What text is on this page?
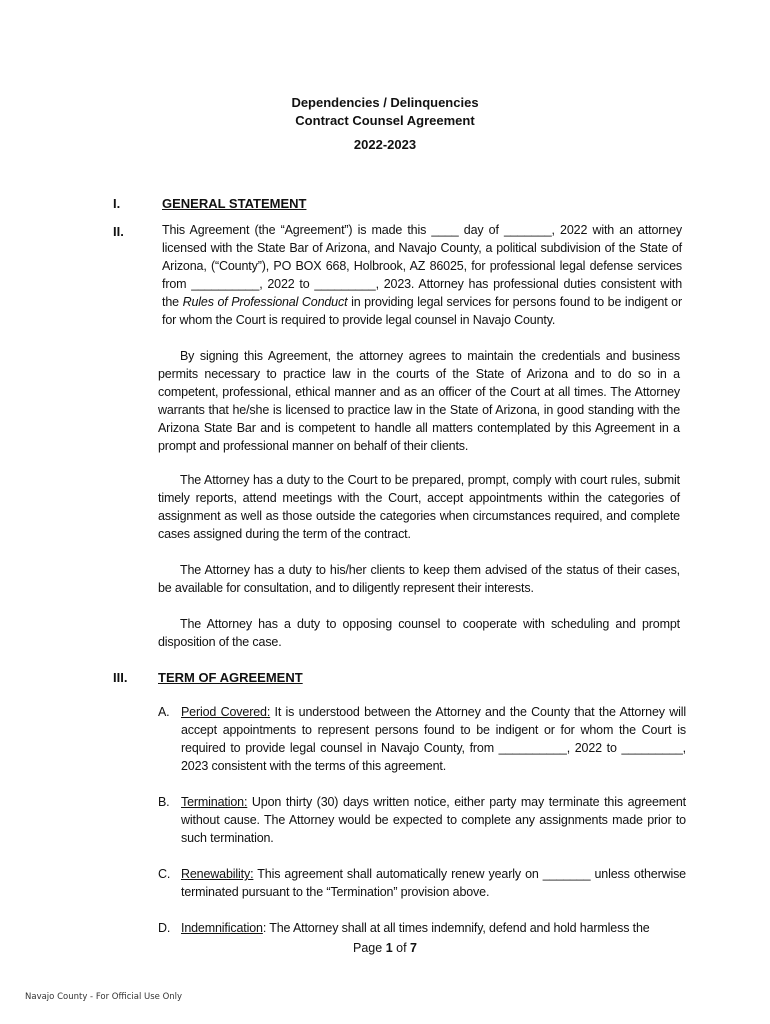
Dependencies / Delinquencies
Contract Counsel Agreement
2022-2023
I.	GENERAL STATEMENT
II.	This Agreement (the “Agreement”) is made this ____ day of _______, 2022 with an attorney licensed with the State Bar of Arizona, and Navajo County, a political subdivision of the State of Arizona, (“County”), PO BOX 668, Holbrook, AZ 86025, for professional legal defense services from __________, 2022 to _________, 2023. Attorney has professional duties consistent with the Rules of Professional Conduct in providing legal services for persons found to be indigent or for whom the Court is required to provide legal counsel in Navajo County.
By signing this Agreement, the attorney agrees to maintain the credentials and business permits necessary to practice law in the courts of the State of Arizona and to do so in a competent, professional, ethical manner and as an officer of the Court at all times. The Attorney warrants that he/she is licensed to practice law in the State of Arizona, in good standing with the Arizona State Bar and is competent to handle all matters contemplated by this Agreement in a prompt and professional manner on behalf of their clients.
The Attorney has a duty to the Court to be prepared, prompt, comply with court rules, submit timely reports, attend meetings with the Court, accept appointments within the categories of assignment as well as those outside the categories when circumstances required, and complete cases assigned during the term of the contract.
The Attorney has a duty to his/her clients to keep them advised of the status of their cases, be available for consultation, and to diligently represent their interests.
The Attorney has a duty to opposing counsel to cooperate with scheduling and prompt disposition of the case.
III. TERM OF AGREEMENT
A. Period Covered: It is understood between the Attorney and the County that the Attorney will accept appointments to represent persons found to be indigent or for whom the Court is required to provide legal counsel in Navajo County, from __________, 2022 to _________, 2023 consistent with the terms of this agreement.
B. Termination: Upon thirty (30) days written notice, either party may terminate this agreement without cause. The Attorney would be expected to complete any assignments made prior to such termination.
C. Renewability: This agreement shall automatically renew yearly on _______ unless otherwise terminated pursuant to the “Termination” provision above.
D. Indemnification: The Attorney shall at all times indemnify, defend and hold harmless the
Page 1 of 7
Navajo County - For Official Use Only
